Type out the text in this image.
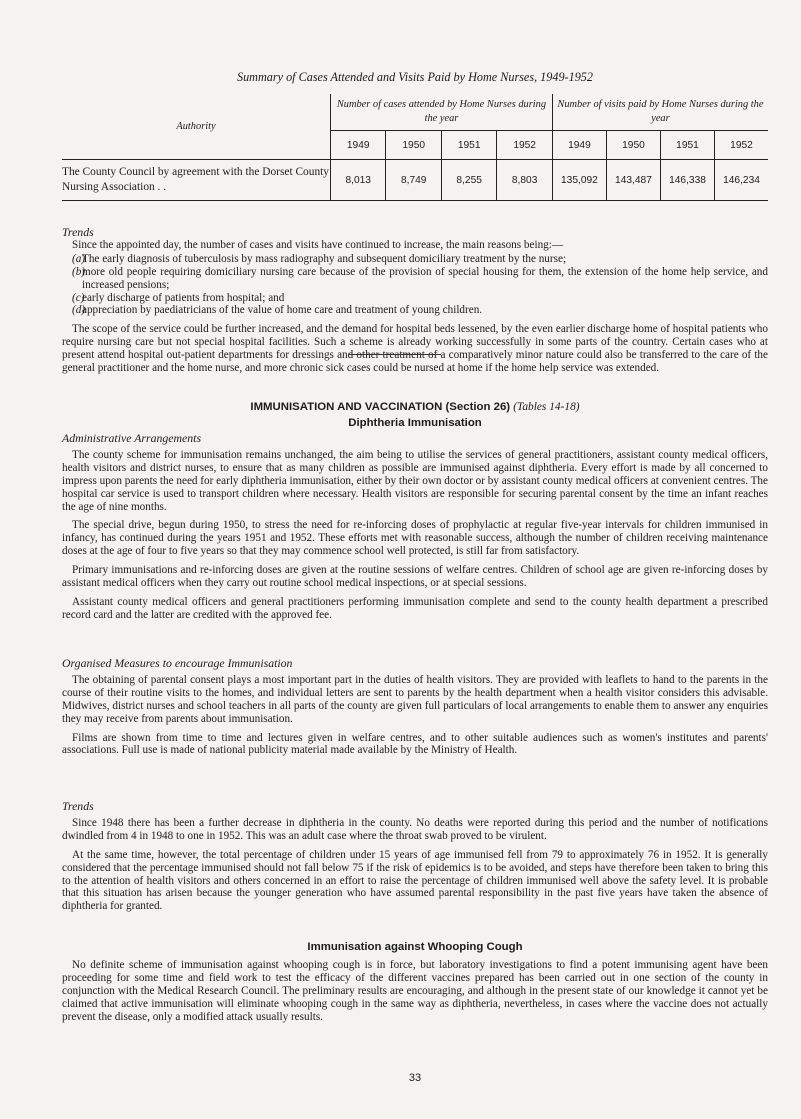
Summary of Cases Attended and Visits Paid by Home Nurses, 1949-1952
Authority	Number of cases attended by Home Nurses during the year				Number of visits paid by Home Nurses during the year			
	1949	1950	1951	1952	1949	1950	1951	1952
The County Council by agreement with the Dorset County Nursing Association . .	8,013	8,749	8,255	8,803	135,092	143,487	146,338	146,234
Trends

Since the appointed day, the number of cases and visits have continued to increase, the main reasons being:—

(a)
The early diagnosis of tuberculosis by mass radiography and subsequent domiciliary treatment by the nurse;
(b)
more old people requiring domiciliary nursing care because of the provision of special housing for them, the extension of the home help service, and increased pensions;
(c)
early discharge of patients from hospital; and
(d)
appreciation by paediatricians of the value of home care and treatment of young children.

The scope of the service could be further increased, and the demand for hospital beds lessened, by the even earlier discharge home of hospital patients who require nursing care but not special hospital facilities. Such a scheme is already working successfully in some parts of the country. Certain cases who at present attend hospital out-patient departments for dressings and other treatment of a comparatively minor nature could also be transferred to the care of the general practitioner and the home nurse, and more chronic sick cases could be nursed at home if the home help service was extended.

IMMUNISATION AND VACCINATION (Section 26) (Tables 14-18)
Diphtheria Immunisation
Administrative Arrangements

The county scheme for immunisation remains unchanged, the aim being to utilise the services of general practitioners, assistant county medical officers, health visitors and district nurses, to ensure that as many children as possible are immunised against diphtheria. Every effort is made by all concerned to impress upon parents the need for early diphtheria immunisation, either by their own doctor or by assistant county medical officers at convenient centres. The hospital car service is used to transport children where necessary. Health visitors are responsible for securing parental consent by the time an infant reaches the age of nine months.

The special drive, begun during 1950, to stress the need for re-inforcing doses of prophylactic at regular five-year intervals for children immunised in infancy, has continued during the years 1951 and 1952. These efforts met with reasonable success, although the number of children receiving maintenance doses at the age of four to five years so that they may commence school well protected, is still far from satisfactory.

Primary immunisations and re-inforcing doses are given at the routine sessions of welfare centres. Children of school age are given re-inforcing doses by assistant medical officers when they carry out routine school medical inspections, or at special sessions.

Assistant county medical officers and general practitioners performing immunisation complete and send to the county health department a prescribed record card and the latter are credited with the approved fee.

Organised Measures to encourage Immunisation

The obtaining of parental consent plays a most important part in the duties of health visitors. They are provided with leaflets to hand to the parents in the course of their routine visits to the homes, and individual letters are sent to parents by the health department when a health visitor considers this advisable. Midwives, district nurses and school teachers in all parts of the county are given full particulars of local arrangements to enable them to answer any enquiries they may receive from parents about immunisation.

Films are shown from time to time and lectures given in welfare centres, and to other suitable audiences such as women's institutes and parents' associations. Full use is made of national publicity material made available by the Ministry of Health.

Trends

Since 1948 there has been a further decrease in diphtheria in the county. No deaths were reported during this period and the number of notifications dwindled from 4 in 1948 to one in 1952. This was an adult case where the throat swab proved to be virulent.

At the same time, however, the total percentage of children under 15 years of age immunised fell from 79 to approximately 76 in 1952. It is generally considered that the percentage immunised should not fall below 75 if the risk of epidemics is to be avoided, and steps have therefore been taken to bring this to the attention of health visitors and others concerned in an effort to raise the percentage of children immunised well above the safety level. It is probable that this situation has arisen because the younger generation who have assumed parental responsibility in the past five years have taken the absence of diphtheria for granted.

Immunisation against Whooping Cough

No definite scheme of immunisation against whooping cough is in force, but laboratory investigations to find a potent immunising agent have been proceeding for some time and field work to test the efficacy of the different vaccines prepared has been carried out in one section of the county in conjunction with the Medical Research Council. The preliminary results are encouraging, and although in the present state of our knowledge it cannot yet be claimed that active immunisation will eliminate whooping cough in the same way as diphtheria, nevertheless, in cases where the vaccine does not actually prevent the disease, only a modified attack usually results.

33
